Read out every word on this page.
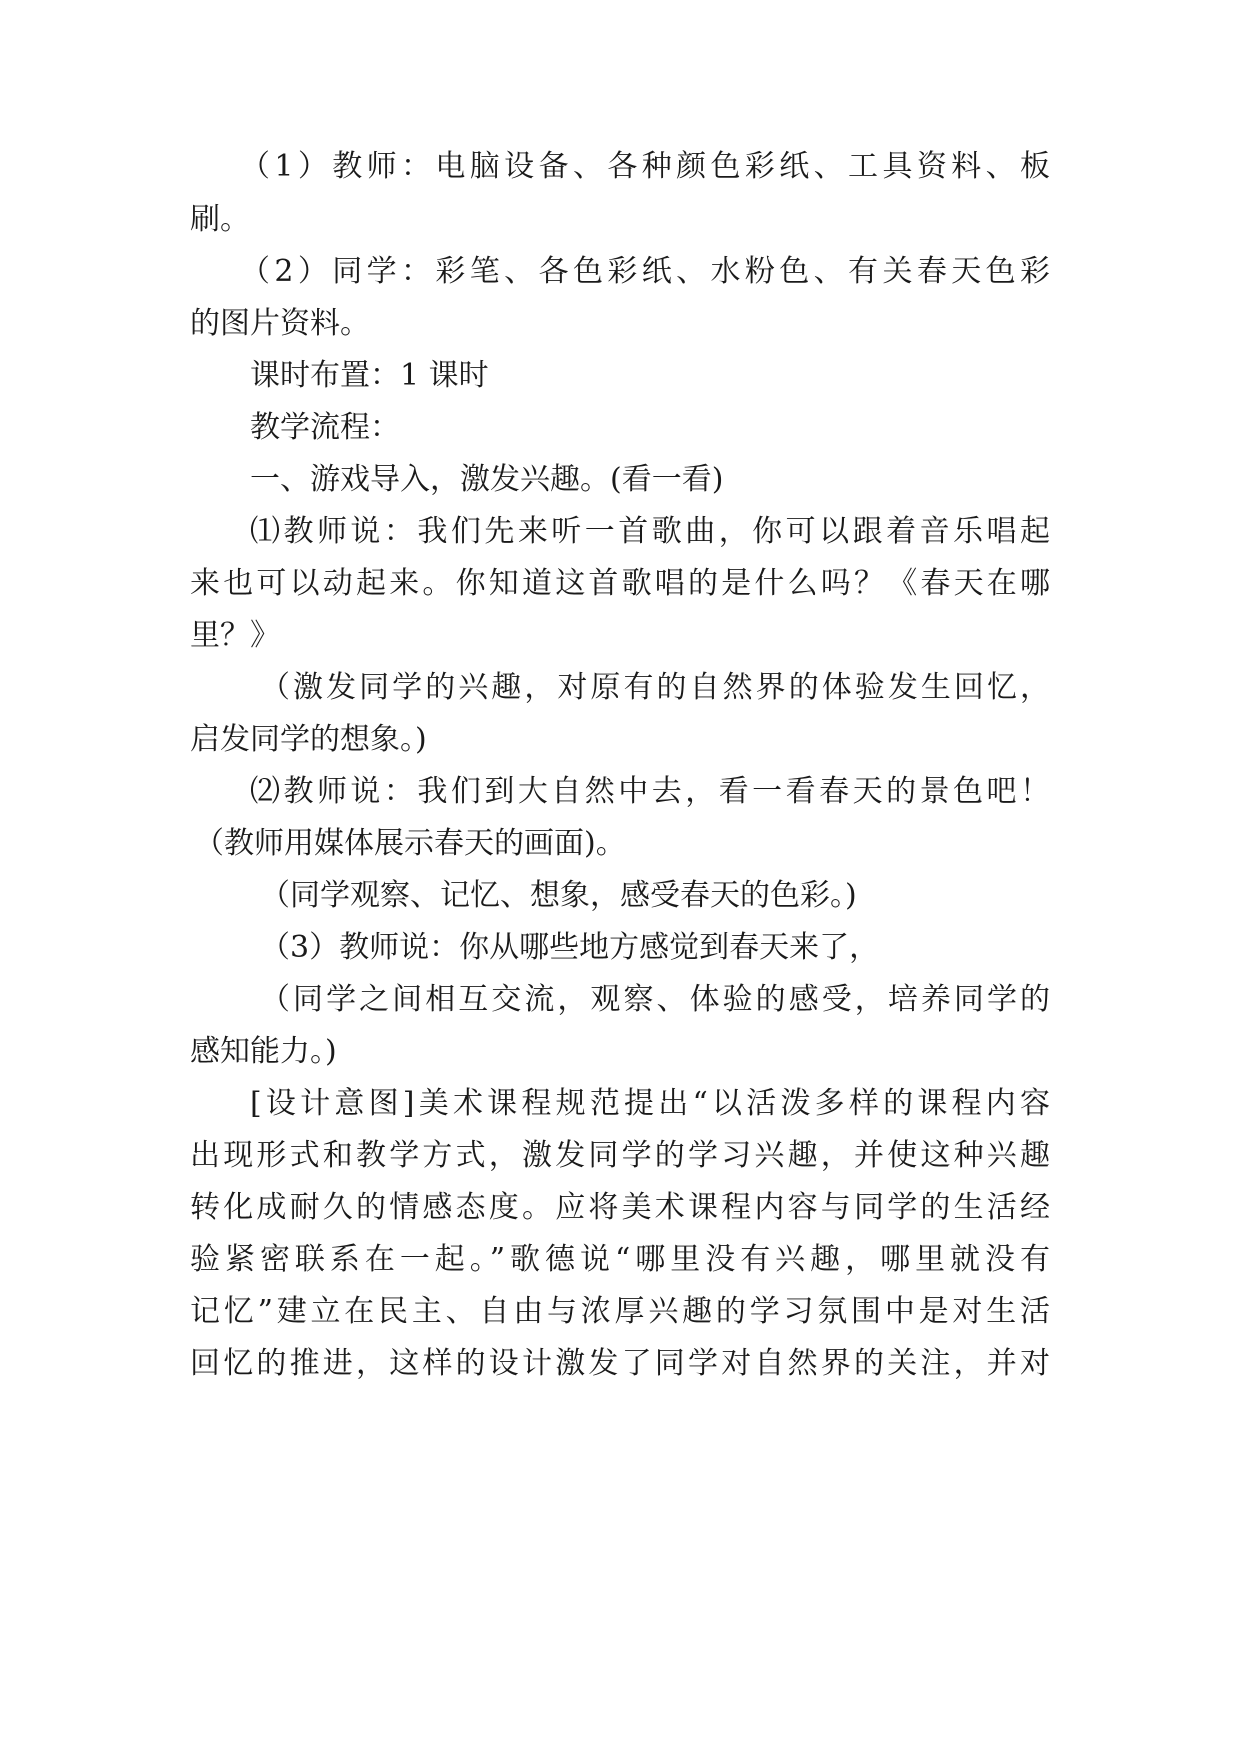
（1）教师：电脑设备、各种颜色彩纸、工具资料、板
刷。
（2）同学：彩笔、各色彩纸、水粉色、有关春天色彩
的图片资料。
课时布置：1 课时
教学流程：
一、游戏导入，激发兴趣。(看一看)
⑴教师说：我们先来听一首歌曲，你可以跟着音乐唱起
来也可以动起来。你知道这首歌唱的是什么吗？《春天在哪
里？》
（激发同学的兴趣，对原有的自然界的体验发生回忆，
启发同学的想象。)
⑵教师说：我们到大自然中去，看一看春天的景色吧！
（教师用媒体展示春天的画面)。
（同学观察、记忆、想象，感受春天的色彩。)
（3）教师说：你从哪些地方感觉到春天来了，
（同学之间相互交流，观察、体验的感受，培养同学的
感知能力。)
[设计意图]美术课程规范提出“以活泼多样的课程内容
出现形式和教学方式，激发同学的学习兴趣，并使这种兴趣
转化成耐久的情感态度。应将美术课程内容与同学的生活经
验紧密联系在一起。”歌德说“哪里没有兴趣，哪里就没有
记忆”建立在民主、自由与浓厚兴趣的学习氛围中是对生活
回忆的推进，这样的设计激发了同学对自然界的关注，并对
